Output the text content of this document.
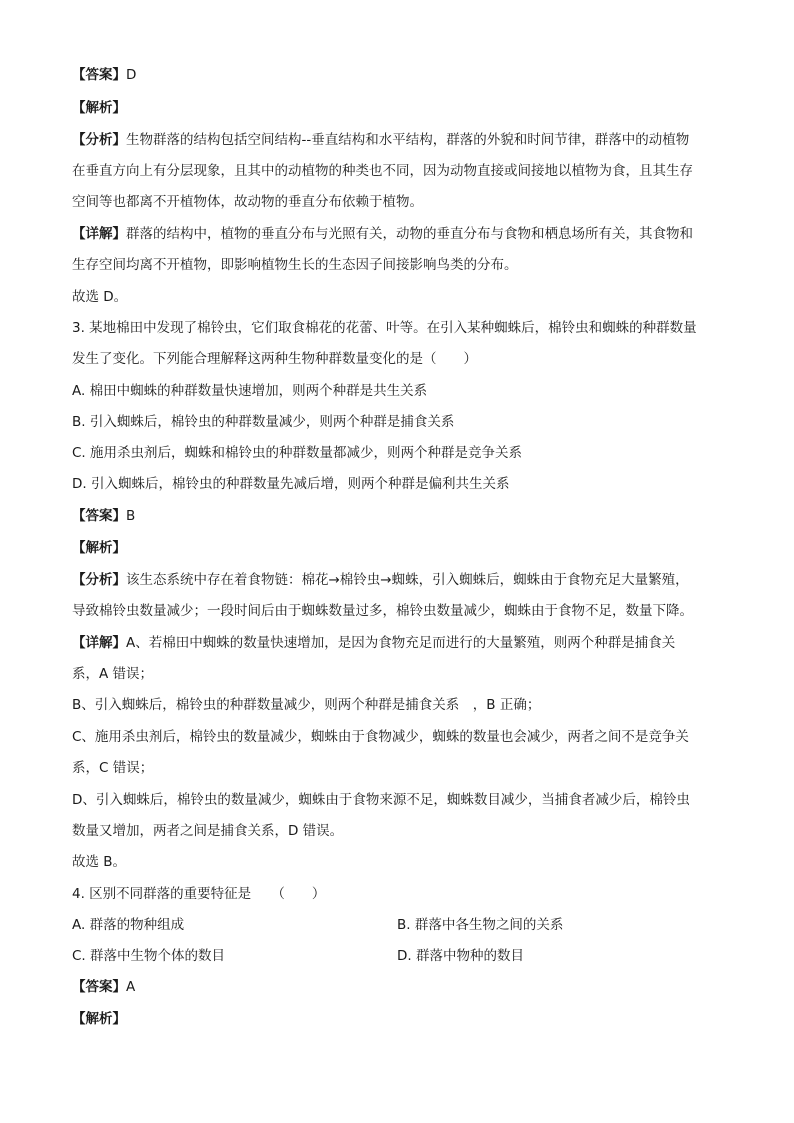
【答案】D
【解析】
【分析】生物群落的结构包括空间结构--垂直结构和水平结构，群落的外貌和时间节律，群落中的动植物
在垂直方向上有分层现象，且其中的动植物的种类也不同，因为动物直接或间接地以植物为食，且其生存
空间等也都离不开植物体，故动物的垂直分布依赖于植物。
【详解】群落的结构中，植物的垂直分布与光照有关，动物的垂直分布与食物和栖息场所有关，其食物和
生存空间均离不开植物，即影响植物生长的生态因子间接影响鸟类的分布。
故选 D。
3. 某地棉田中发现了棉铃虫，它们取食棉花的花蕾、叶等。在引入某种蜘蛛后，棉铃虫和蜘蛛的种群数量
发生了变化。下列能合理解释这两种生物种群数量变化的是（　　）
A. 棉田中蜘蛛的种群数量快速增加，则两个种群是共生关系
B. 引入蜘蛛后，棉铃虫的种群数量减少，则两个种群是捕食关系
C. 施用杀虫剂后，蜘蛛和棉铃虫的种群数量都减少，则两个种群是竞争关系
D. 引入蜘蛛后，棉铃虫的种群数量先减后增，则两个种群是偏利共生关系
【答案】B
【解析】
【分析】该生态系统中存在着食物链：棉花→棉铃虫→蜘蛛，引入蜘蛛后，蜘蛛由于食物充足大量繁殖，
导致棉铃虫数量减少；一段时间后由于蜘蛛数量过多，棉铃虫数量减少，蜘蛛由于食物不足，数量下降。
【详解】A、若棉田中蜘蛛的数量快速增加，是因为食物充足而进行的大量繁殖，则两个种群是捕食关
系，A 错误；
B、引入蜘蛛后，棉铃虫的种群数量减少，则两个种群是捕食关系　，B 正确；
C、施用杀虫剂后，棉铃虫的数量减少，蜘蛛由于食物减少，蜘蛛的数量也会减少，两者之间不是竞争关
系，C 错误；
D、引入蜘蛛后，棉铃虫的数量减少，蜘蛛由于食物来源不足，蜘蛛数目减少，当捕食者减少后，棉铃虫
数量又增加，两者之间是捕食关系，D 错误。
故选 B。
4. 区别不同群落的重要特征是　　（　　）
A. 群落的物种组成	B. 群落中各生物之间的关系
C. 群落中生物个体的数目	D. 群落中物种的数目
【答案】A
【解析】
